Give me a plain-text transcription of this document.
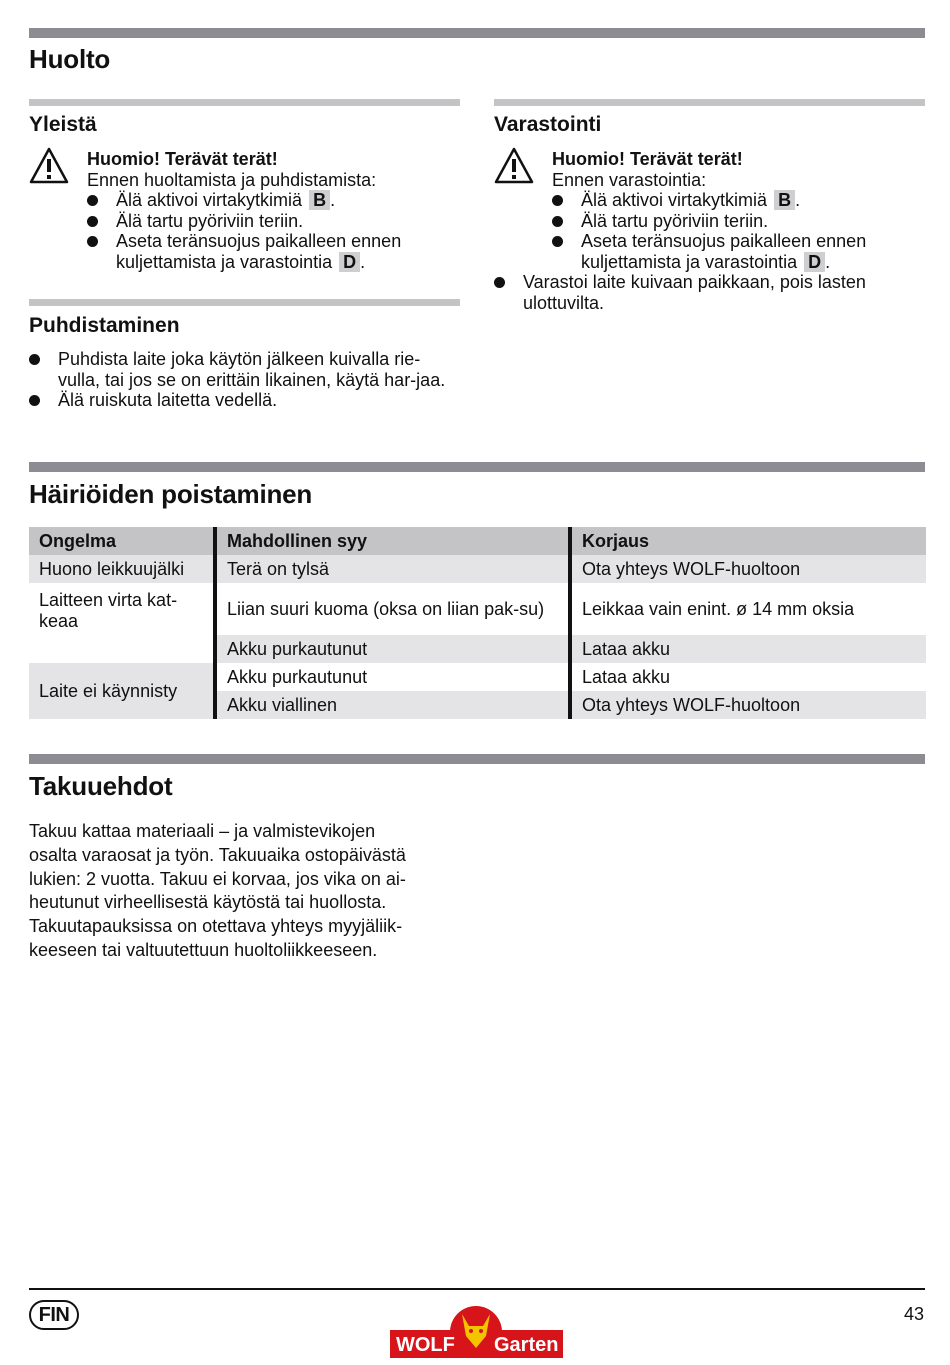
Huolto
Yleistä
Huomio! Terävät terät!
Ennen huoltamista ja puhdistamista:
Älä aktivoi virtakytkimiä B .
Älä tartu pyöriviin teriin.
Aseta teränsuojus paikalleen ennen kuljettamista ja varastointia D .
Puhdistaminen
Puhdista laite joka käytön jälkeen kuivalla rie-vulla, tai jos se on erittäin likainen, käytä har-jaa.
Älä ruiskuta laitetta vedellä.
Varastointi
Huomio! Terävät terät!
Ennen varastointia:
Älä aktivoi virtakytkimiä B .
Älä tartu pyöriviin teriin.
Aseta teränsuojus paikalleen ennen kuljettamista ja varastointia D .
Varastoi laite kuivaan paikkaan, pois lasten ulottuvilta.
Häiriöiden poistaminen
Ongelma	Mahdollinen syy	Korjaus
Huono leikkuujälki	Terä on tylsä	Ota yhteys WOLF-huoltoon
Laitteen virta kat-keaa	Liian suuri kuoma (oksa on liian pak-su)	Leikkaa vain enint. ø 14 mm oksia
	Akku purkautunut	Lataa akku
Laite ei käynnisty	Akku purkautunut	Lataa akku
	Akku viallinen	Ota yhteys WOLF-huoltoon
Takuuehdot
Takuu kattaa materiaali – ja valmistevikojen
osalta varaosat ja työn. Takuuaika ostopäivästä
lukien: 2 vuotta. Takuu ei korvaa, jos vika on ai-
heutunut virheellisestä käytöstä tai huollosta.
Takuutapauksissa on otettava yhteys myyjäliik-
keeseen tai valtuutettuun huoltoliikkeeseen.
FIN	43
WOLF Garten
